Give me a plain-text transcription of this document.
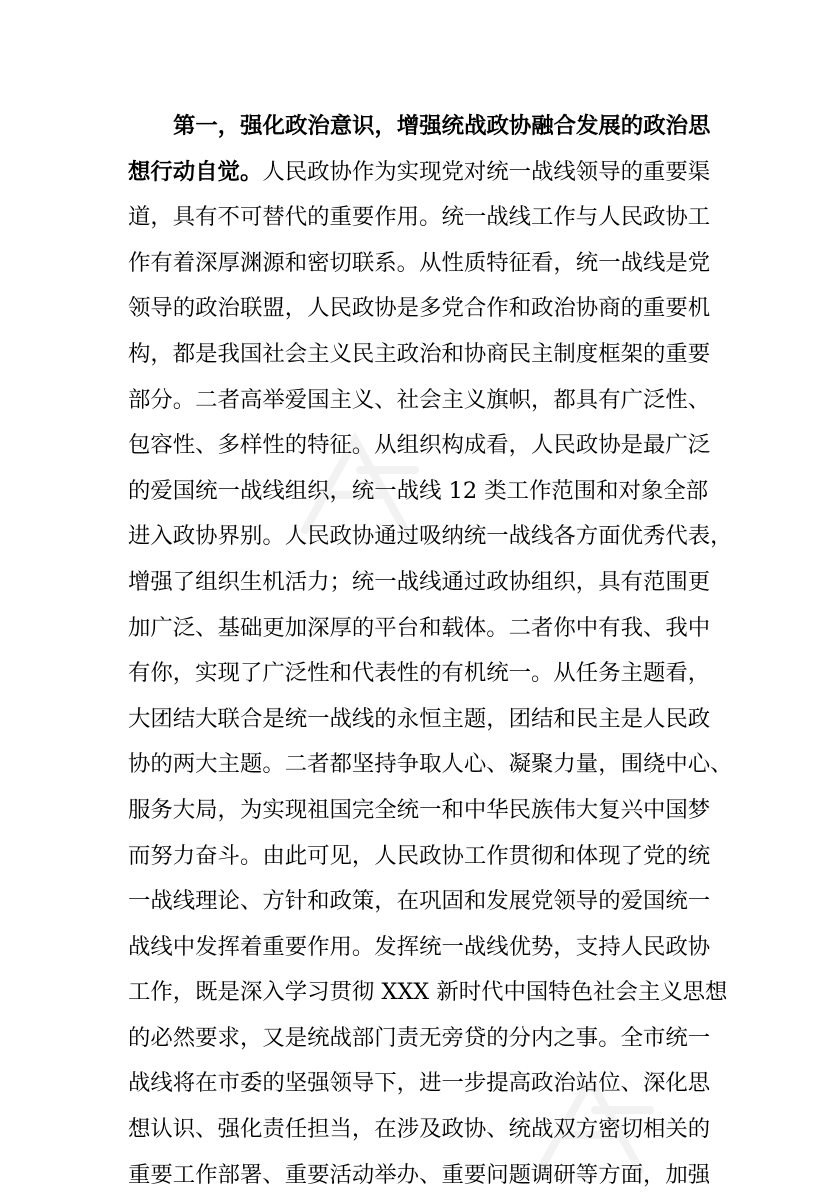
第一，强化政治意识，增强统战政协融合发展的政治思
想行动自觉。人民政协作为实现党对统一战线领导的重要渠
道，具有不可替代的重要作用。统一战线工作与人民政协工
作有着深厚渊源和密切联系。从性质特征看，统一战线是党
领导的政治联盟，人民政协是多党合作和政治协商的重要机
构，都是我国社会主义民主政治和协商民主制度框架的重要
部分。二者高举爱国主义、社会主义旗帜，都具有广泛性、
包容性、多样性的特征。从组织构成看，人民政协是最广泛
的爱国统一战线组织，统一战线 12 类工作范围和对象全部
进入政协界别。人民政协通过吸纳统一战线各方面优秀代表，
增强了组织生机活力；统一战线通过政协组织，具有范围更
加广泛、基础更加深厚的平台和载体。二者你中有我、我中
有你，实现了广泛性和代表性的有机统一。从任务主题看，
大团结大联合是统一战线的永恒主题，团结和民主是人民政
协的两大主题。二者都坚持争取人心、凝聚力量，围绕中心、
服务大局，为实现祖国完全统一和中华民族伟大复兴中国梦
而努力奋斗。由此可见，人民政协工作贯彻和体现了党的统
一战线理论、方针和政策，在巩固和发展党领导的爱国统一
战线中发挥着重要作用。发挥统一战线优势，支持人民政协
工作，既是深入学习贯彻 XXX 新时代中国特色社会主义思想
的必然要求，又是统战部门责无旁贷的分内之事。全市统一
战线将在市委的坚强领导下，进一步提高政治站位、深化思
想认识、强化责任担当，在涉及政协、统战双方密切相关的
重要工作部署、重要活动举办、重要问题调研等方面，加强
